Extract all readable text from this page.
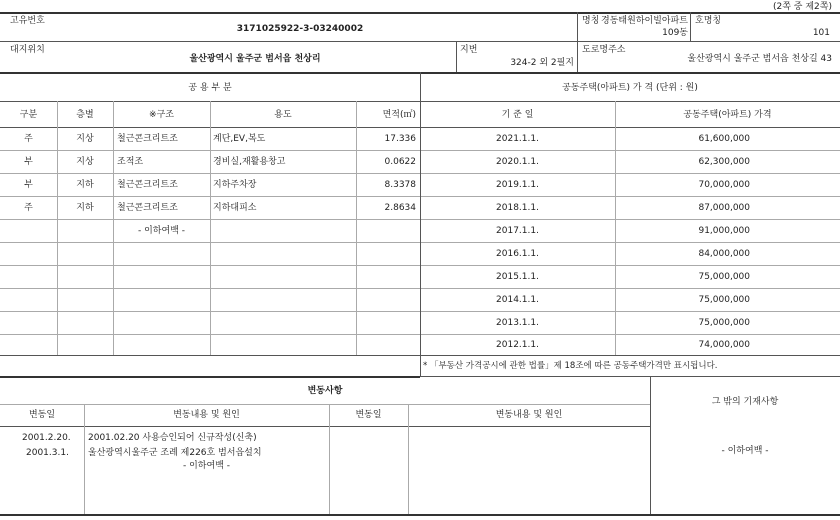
(2쪽 중 제2쪽)
고유번호
3171025922-3-03240002
명칭 경동태원하이빌아파트
109동
호명칭
101
대지위치
울산광역시 울주군 범서읍 천상리
지번
324-2 외 2필지
도로명주소
울산광역시 울주군 범서읍 천상길 43
공 용 부 분	공동주택(아파트) 가 격 (단위 : 원)
구분	층별	※구조	용도	면적(㎡)	기 준 일	공동주택(아파트) 가격
주	지상	철근콘크리트조	계단,EV,복도	17.336
부	지상	조적조	경비실,재활용창고	0.0622
부	지하	철근콘크리트조	지하주차장	8.3378
주	지하	철근콘크리트조	지하대피소	2.8634
- 이하여백 -
2021.1.1.	61,600,000
2020.1.1.	62,300,000
2019.1.1.	70,000,000
2018.1.1.	87,000,000
2017.1.1.	91,000,000
2016.1.1.	84,000,000
2015.1.1.	75,000,000
2014.1.1.	75,000,000
2013.1.1.	75,000,000
2012.1.1.	74,000,000
* 「부동산 가격공시에 관한 법률」제 18조에 따른 공동주택가격만 표시됩니다.
변동사항
변동일	변동내용 및 원인	변동일	변동내용 및 원인
2001.2.20. 2001.02.20 사용승인되어 신규작성(신축)
2001.3.1. 울산광역시울주군 조례 제226호 범서읍설치
- 이하여백 -
그 밖의 기재사항
- 이하여백 -
